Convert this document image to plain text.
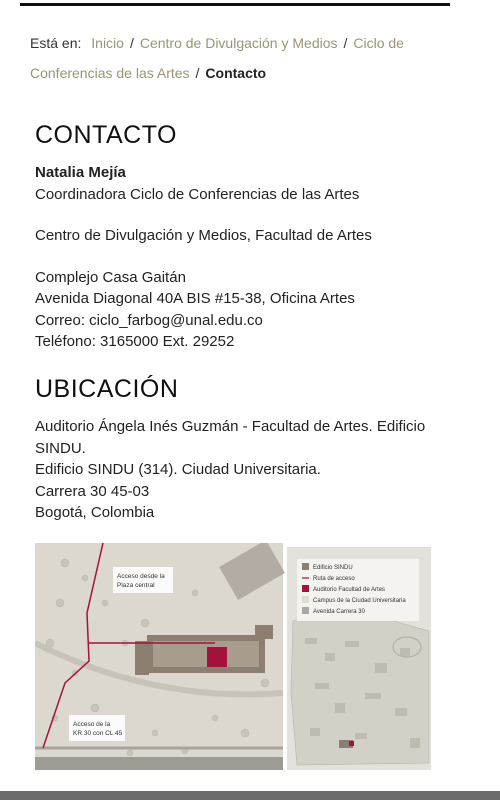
Está en: Inicio / Centro de Divulgación y Medios / Ciclo de Conferencias de las Artes / Contacto
CONTACTO
Natalia Mejía
Coordinadora Ciclo de Conferencias de las Artes
Centro de Divulgación y Medios, Facultad de Artes
Complejo Casa Gaitán
Avenida Diagonal 40A BIS #15-38, Oficina Artes
Correo: ciclo_farbog@unal.edu.co
Teléfono: 3165000 Ext. 29252
UBICACIÓN
Auditorio Ángela Inés Guzmán - Facultad de Artes. Edificio SINDU.
Edificio SINDU (314). Ciudad Universitaria.
Carrera 30 45-03
Bogotá, Colombia
Acceso desde la
Plaza central
Acceso de la
KR 30 con CL 45
Edificio SINDU
Ruta de acceso
Auditorio Facultad de Artes
Campus de la Ciudad Universitaria
Avenida Carrera 30
